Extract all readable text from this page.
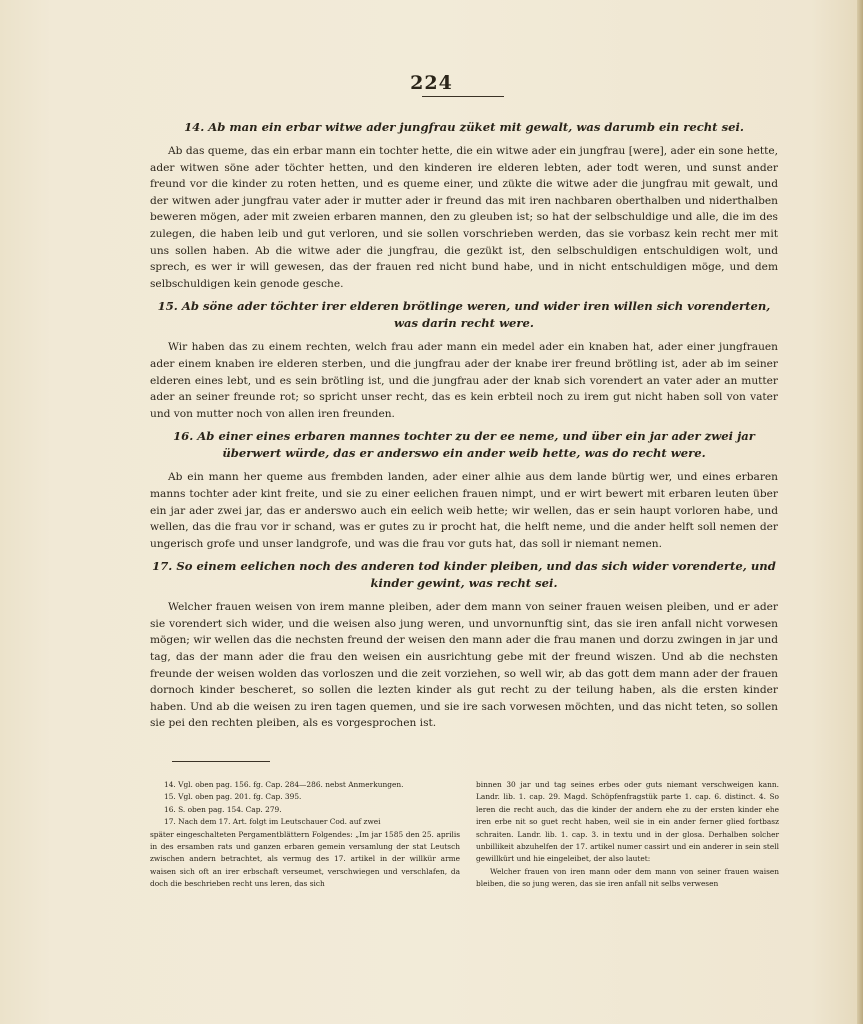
224
14. Ab man ein erbar witwe ader jungfrau züket mit gewalt, was darumb ein recht sei.

Ab das queme, das ein erbar mann ein tochter hette, die ein witwe ader ein jungfrau [were], ader ein sone hette, ader witwen söne ader töchter hetten, und den kinderen ire elderen lebten, ader todt weren, und sunst ander freund vor die kinder zu roten hetten, und es queme einer, und zükte die witwe ader die jungfrau mit gewalt, und der witwen ader jungfrau vater ader ir mutter ader ir freund das mit iren nachbaren oberthalben und niderthalben beweren mögen, ader mit zweien erbaren mannen, den zu gleuben ist; so hat der selbschuldige und alle, die im des zulegen, die haben leib und gut verloren, und sie sollen vorschrieben werden, das sie vorbasz kein recht mer mit uns sollen haben. Ab die witwe ader die jungfrau, die gezükt ist, den selbschuldigen entschuldigen wolt, und sprech, es wer ir will gewesen, das der frauen red nicht bund habe, und in nicht entschuldigen möge, und dem selbschuldigen kein genode gesche.

15. Ab söne ader töchter irer elderen brötlinge weren, und wider iren willen sich vorenderten, was darin recht were.

Wir haben das zu einem rechten, welch frau ader mann ein medel ader ein knaben hat, ader einer jungfrauen ader einem knaben ire elderen sterben, und die jungfrau ader der knabe irer freund brötling ist, ader ab im seiner elderen eines lebt, und es sein brötling ist, und die jungfrau ader der knab sich vorendert an vater ader an mutter ader an seiner freunde rot; so spricht unser recht, das es kein erbteil noch zu irem gut nicht haben soll von vater und von mutter noch von allen iren freunden.

16. Ab einer eines erbaren mannes tochter zu der ee neme, und über ein jar ader zwei jar überwert würde, das er anderswo ein ander weib hette, was do recht were.

Ab ein mann her queme aus frembden landen, ader einer alhie aus dem lande bürtig wer, und eines erbaren manns tochter ader kint freite, und sie zu einer eelichen frauen nimpt, und er wirt bewert mit erbaren leuten über ein jar ader zwei jar, das er anderswo auch ein eelich weib hette; wir wellen, das er sein haupt vorloren habe, und wellen, das die frau vor ir schand, was er gutes zu ir procht hat, die helft neme, und die ander helft soll nemen der ungerisch grofe und unser landgrofe, und was die frau vor guts hat, das soll ir niemant nemen.

17. So einem eelichen noch des anderen tod kinder pleiben, und das sich wider vorenderte, und kinder gewint, was recht sei.

Welcher frauen weisen von irem manne pleiben, ader dem mann von seiner frauen weisen pleiben, und er ader sie vorendert sich wider, und die weisen also jung weren, und unvornunftig sint, das sie iren anfall nicht vorwesen mögen; wir wellen das die nechsten freund der weisen den mann ader die frau manen und dorzu zwingen in jar und tag, das der mann ader die frau den weisen ein ausrichtung gebe mit der freund wiszen. Und ab die nechsten freunde der weisen wolden das vorloszen und die zeit vorziehen, so well wir, ab das gott dem mann ader der frauen dornoch kinder bescheret, so sollen die lezten kinder als gut recht zu der teilung haben, als die ersten kinder haben. Und ab die weisen zu iren tagen quemen, und sie ire sach vorwesen möchten, und das nicht teten, so sollen sie pei den rechten pleiben, als es vorgesprochen ist.

14. Vgl. oben pag. 156. fg. Cap. 284—286. nebst Anmerkungen.

15. Vgl. oben pag. 201. fg. Cap. 395.

16. S. oben pag. 154. Cap. 279.

17. Nach dem 17. Art. folgt im Leutschauer Cod. auf zwei

später eingeschalteten Pergamentblättern Folgendes: „Im jar 1585 den 25. aprilis in des ersamben rats und ganzen erbaren gemein versamlung der stat Leutsch zwischen andern betrachtet, als vermug des 17. artikel in der willkür arme waisen sich oft an irer erbschaft verseumet, verschwiegen und verschlafen, da doch die beschrieben recht uns leren, das sich

binnen 30 jar und tag seines erbes oder guts niemant verschweigen kann. Landr. lib. 1. cap. 29. Magd. Schöpfenfragstük parte 1. cap. 6. distinct. 4. So leren die recht auch, das die kinder der andern ehe zu der ersten kinder ehe iren erbe nit so guet recht haben, weil sie in ein ander ferner glied fortbasz schraiten. Landr. lib. 1. cap. 3. in textu und in der glosa. Derhalben solcher unbillikeit abzuhelfen der 17. artikel numer cassirt und ein anderer in sein stell gewillkürt und hie eingeleibet, der also lautet:

Welcher frauen von iren mann oder dem mann von seiner frauen waisen bleiben, die so jung weren, das sie iren anfall nit selbs verwesen
